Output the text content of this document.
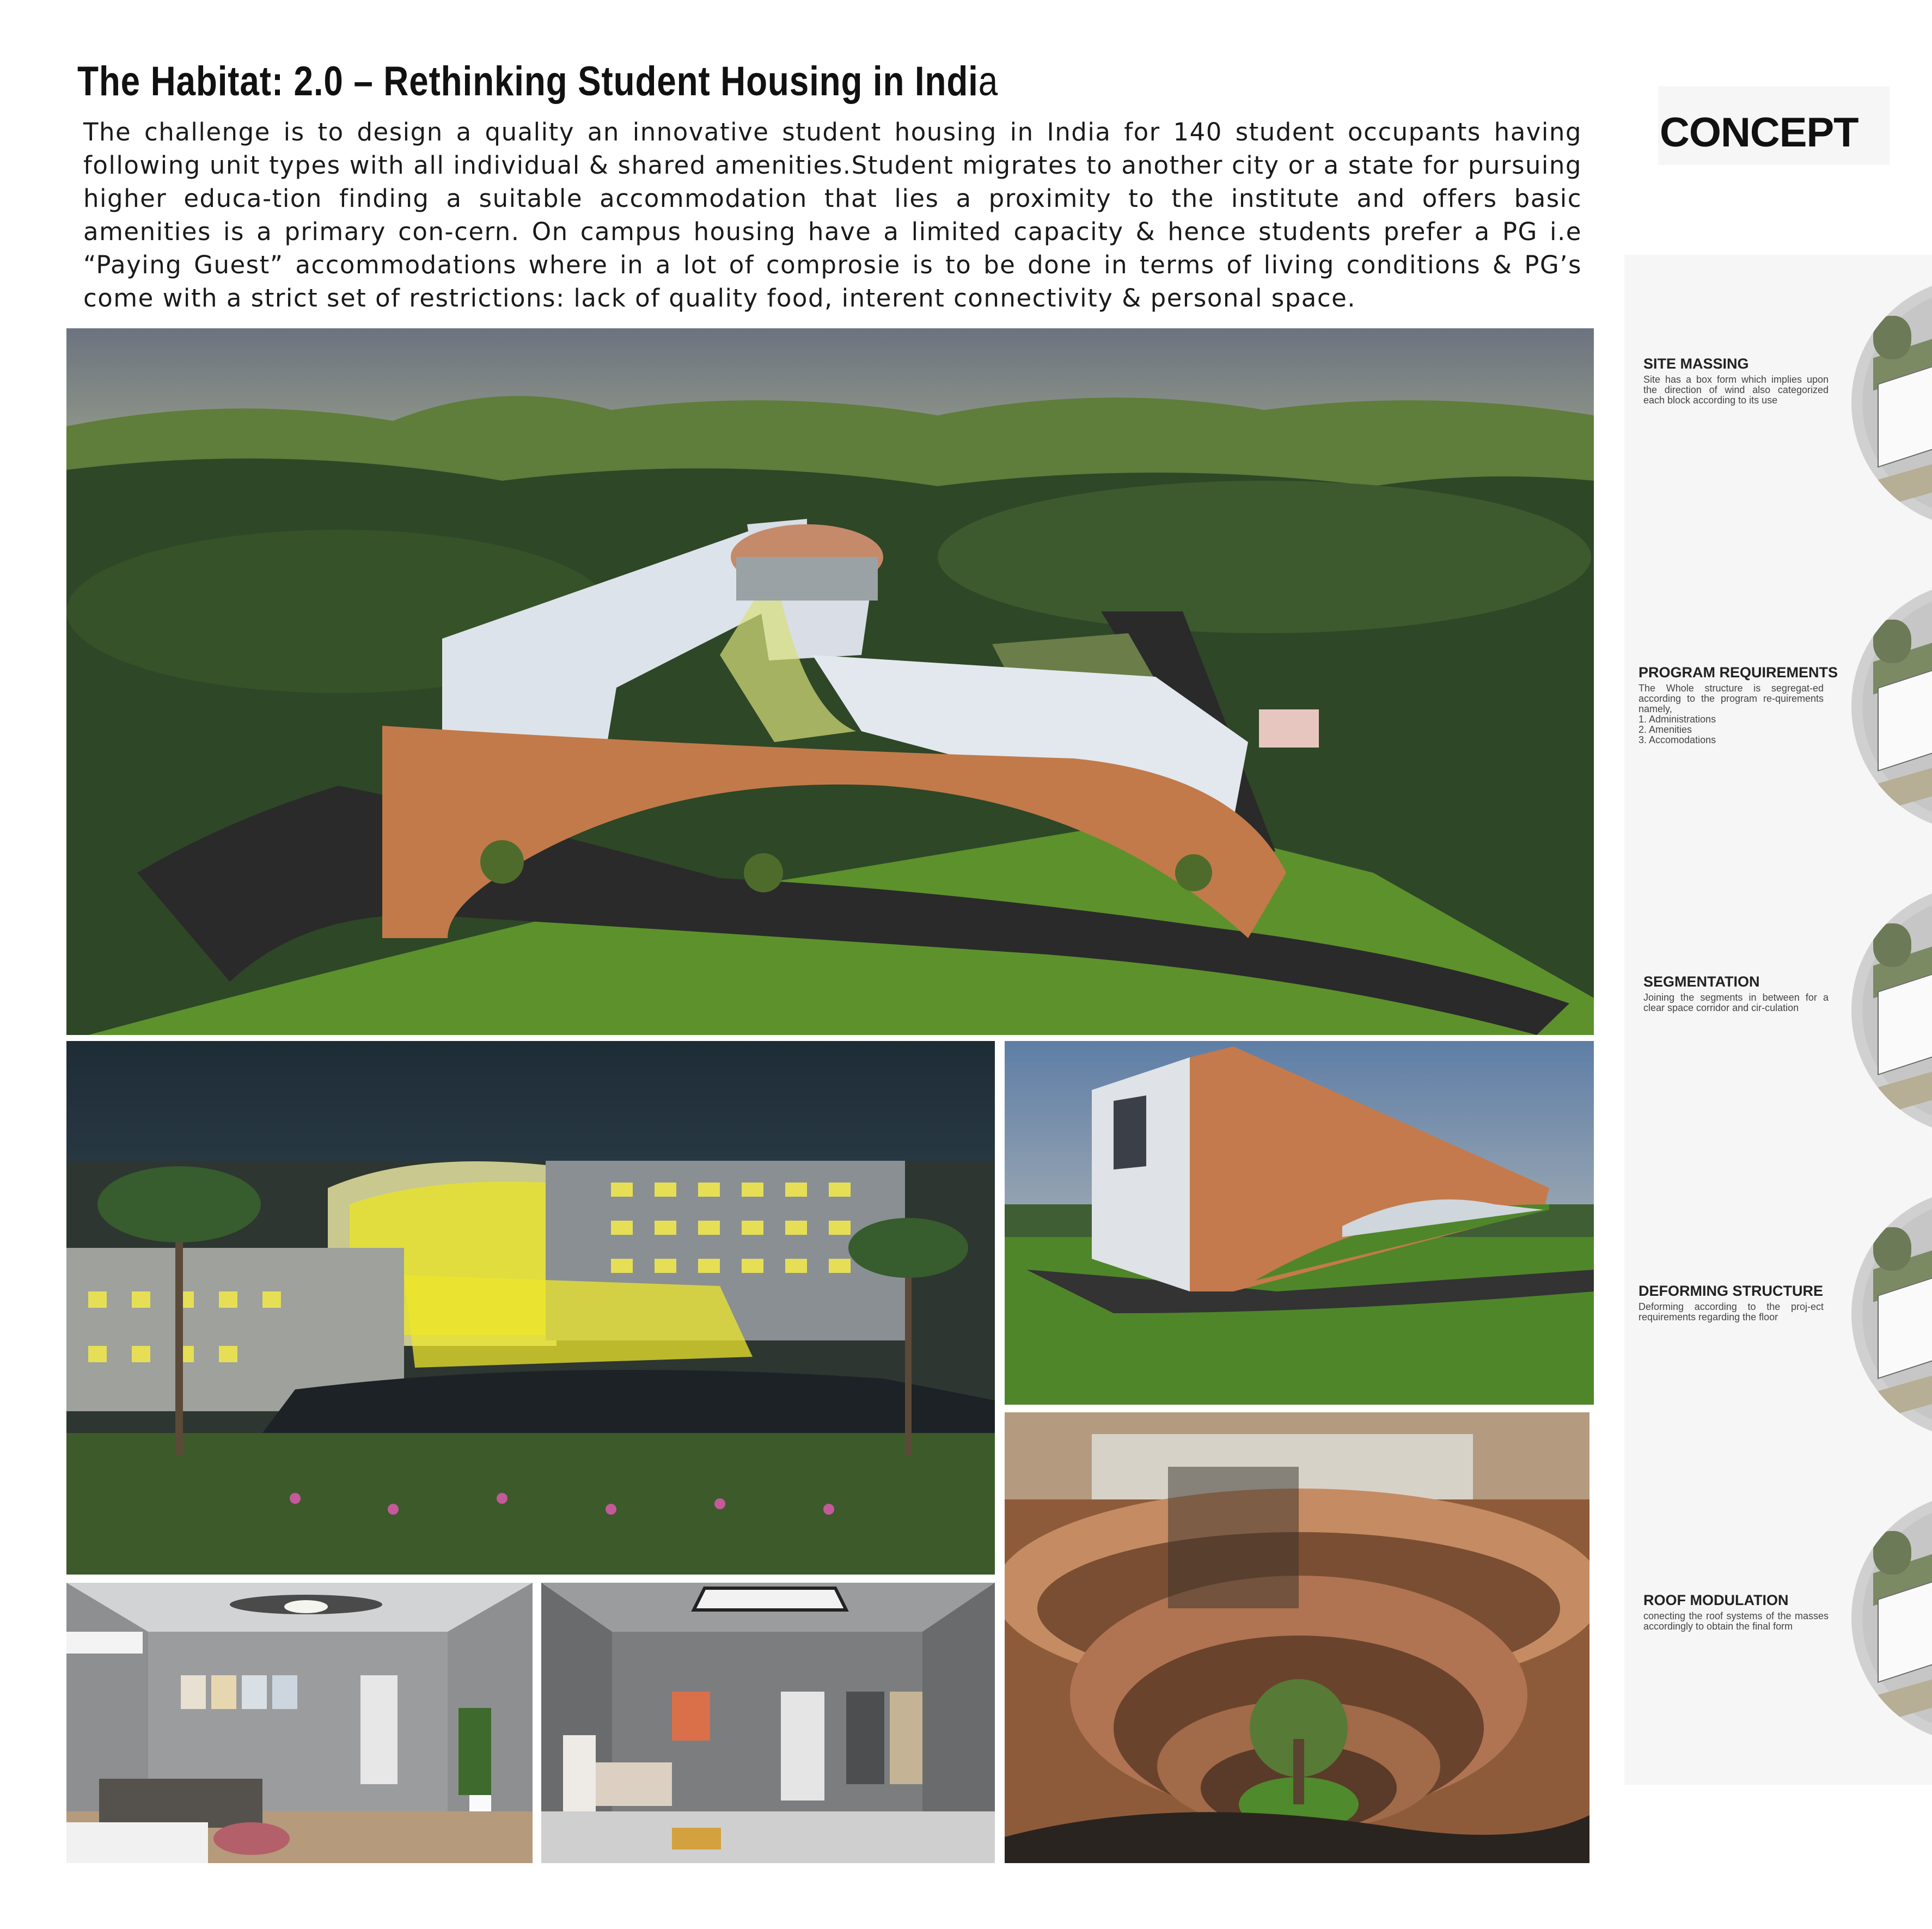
The Habitat: 2.0 – Rethinking Student Housing in India

The challenge is to design a quality an innovative student housing in India for 140 student occupants having following unit types with all individual & shared amenities.Student migrates to another city or a state for pursuing higher educa-tion finding a suitable accommodation that lies a proximity to the institute and offers basic amenities is a primary con-cern. On campus housing have a limited capacity & hence students prefer a PG i.e “Paying Guest” accommodations where in a lot of comprosie is to be done in terms of living conditions & PG’s come with a strict set of restrictions: lack of quality food, interent connectivity & personal space.

CONCEPT
SITE MASSING

Site has a box form which implies upon the direction of wind also categorized each block according to its use

PROGRAM REQUIREMENTS

The Whole structure is segregat-ed according to the program re-quirements namely,

1. Administrations

2. Amenities

3. Accomodations

SEGMENTATION

Joining the segments in between for a clear space corridor and cir-culation

DEFORMING STRUCTURE

Deforming according to the proj-ect requirements regarding the floor

ROOF MODULATION

conecting the roof systems of the masses accordingly to obtain the final form
